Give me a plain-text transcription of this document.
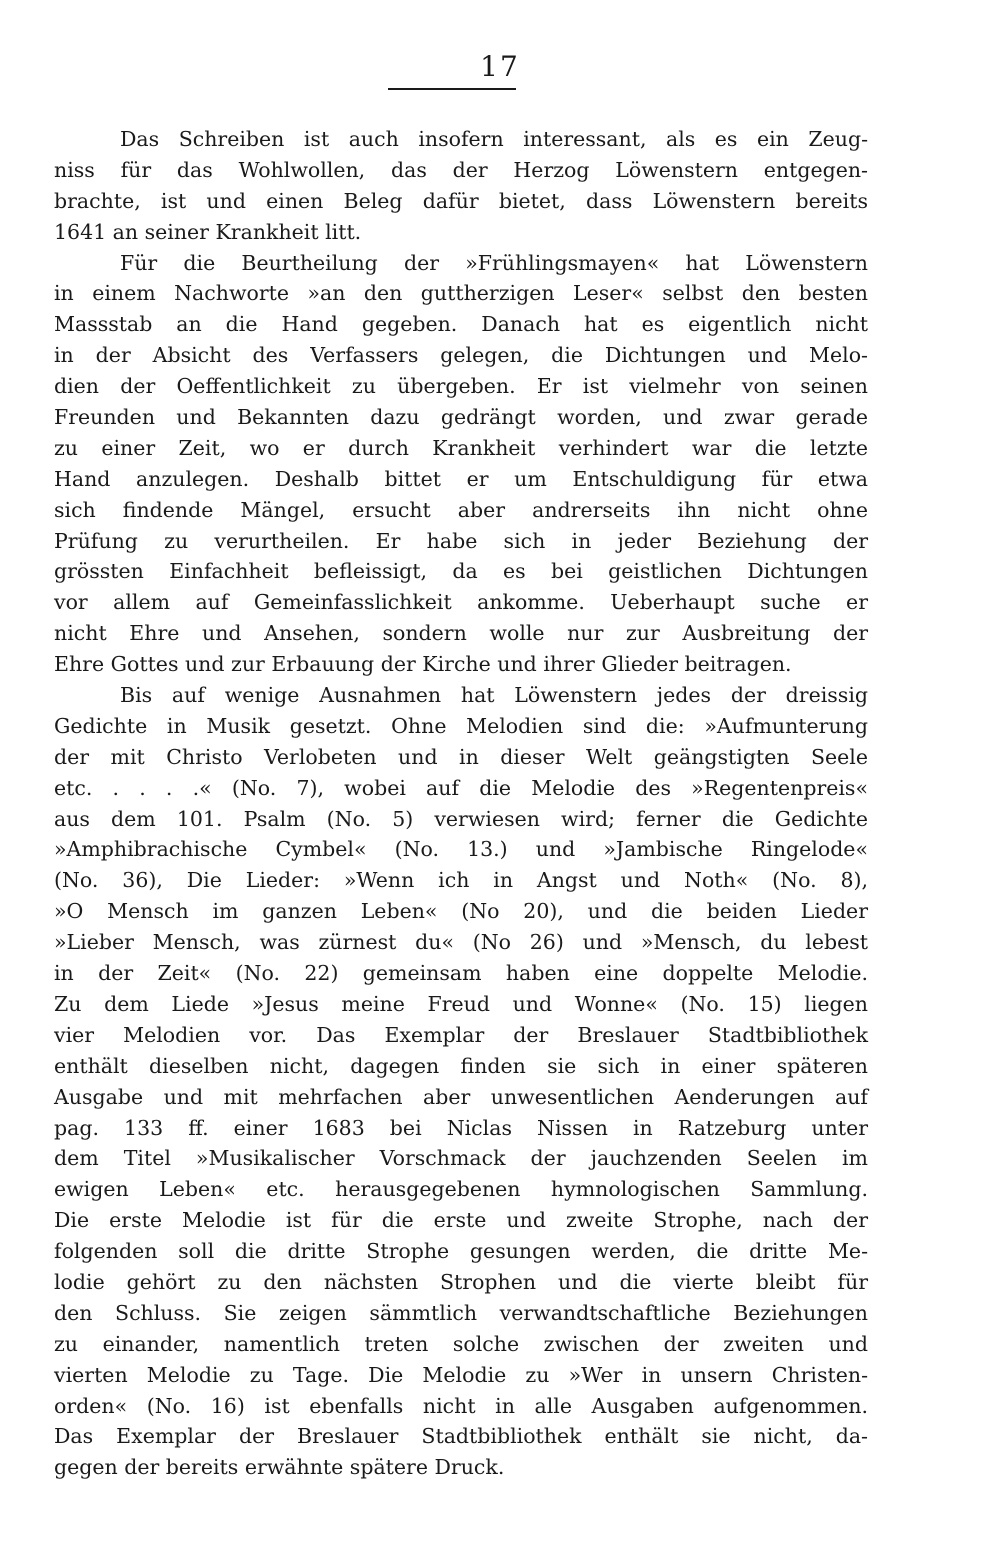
17
Das Schreiben ist auch insofern interessant, als es ein Zeug-
niss für das Wohlwollen, das der Herzog Löwenstern entgegen-
brachte, ist und einen Beleg dafür bietet, dass Löwenstern bereits
1641 an seiner Krankheit litt.
Für die Beurtheilung der »Frühlingsmayen« hat Löwenstern
in einem Nachworte »an den guttherzigen Leser« selbst den besten
Massstab an die Hand gegeben. Danach hat es eigentlich nicht
in der Absicht des Verfassers gelegen, die Dichtungen und Melo-
dien der Oeffentlichkeit zu übergeben. Er ist vielmehr von seinen
Freunden und Bekannten dazu gedrängt worden, und zwar gerade
zu einer Zeit, wo er durch Krankheit verhindert war die letzte
Hand anzulegen. Deshalb bittet er um Entschuldigung für etwa
sich findende Mängel, ersucht aber andrerseits ihn nicht ohne
Prüfung zu verurtheilen. Er habe sich in jeder Beziehung der
grössten Einfachheit befleissigt, da es bei geistlichen Dichtungen
vor allem auf Gemeinfasslichkeit ankomme. Ueberhaupt suche er
nicht Ehre und Ansehen, sondern wolle nur zur Ausbreitung der
Ehre Gottes und zur Erbauung der Kirche und ihrer Glieder beitragen.
Bis auf wenige Ausnahmen hat Löwenstern jedes der dreissig
Gedichte in Musik gesetzt. Ohne Melodien sind die: »Aufmunterung
der mit Christo Verlobeten und in dieser Welt geängstigten Seele
etc. . . . .« (No. 7), wobei auf die Melodie des »Regentenpreis«
aus dem 101. Psalm (No. 5) verwiesen wird; ferner die Gedichte
»Amphibrachische Cymbel« (No. 13.) und »Jambische Ringelode«
(No. 36), Die Lieder: »Wenn ich in Angst und Noth« (No. 8),
»O Mensch im ganzen Leben« (No 20), und die beiden Lieder
»Lieber Mensch, was zürnest du« (No 26) und »Mensch, du lebest
in der Zeit« (No. 22) gemeinsam haben eine doppelte Melodie.
Zu dem Liede »Jesus meine Freud und Wonne« (No. 15) liegen
vier Melodien vor. Das Exemplar der Breslauer Stadtbibliothek
enthält dieselben nicht, dagegen finden sie sich in einer späteren
Ausgabe und mit mehrfachen aber unwesentlichen Aenderungen auf
pag. 133 ff. einer 1683 bei Niclas Nissen in Ratzeburg unter
dem Titel »Musikalischer Vorschmack der jauchzenden Seelen im
ewigen Leben« etc. herausgegebenen hymnologischen Sammlung.
Die erste Melodie ist für die erste und zweite Strophe, nach der
folgenden soll die dritte Strophe gesungen werden, die dritte Me-
lodie gehört zu den nächsten Strophen und die vierte bleibt für
den Schluss. Sie zeigen sämmtlich verwandtschaftliche Beziehungen
zu einander, namentlich treten solche zwischen der zweiten und
vierten Melodie zu Tage. Die Melodie zu »Wer in unsern Christen-
orden« (No. 16) ist ebenfalls nicht in alle Ausgaben aufgenommen.
Das Exemplar der Breslauer Stadtbibliothek enthält sie nicht, da-
gegen der bereits erwähnte spätere Druck.
